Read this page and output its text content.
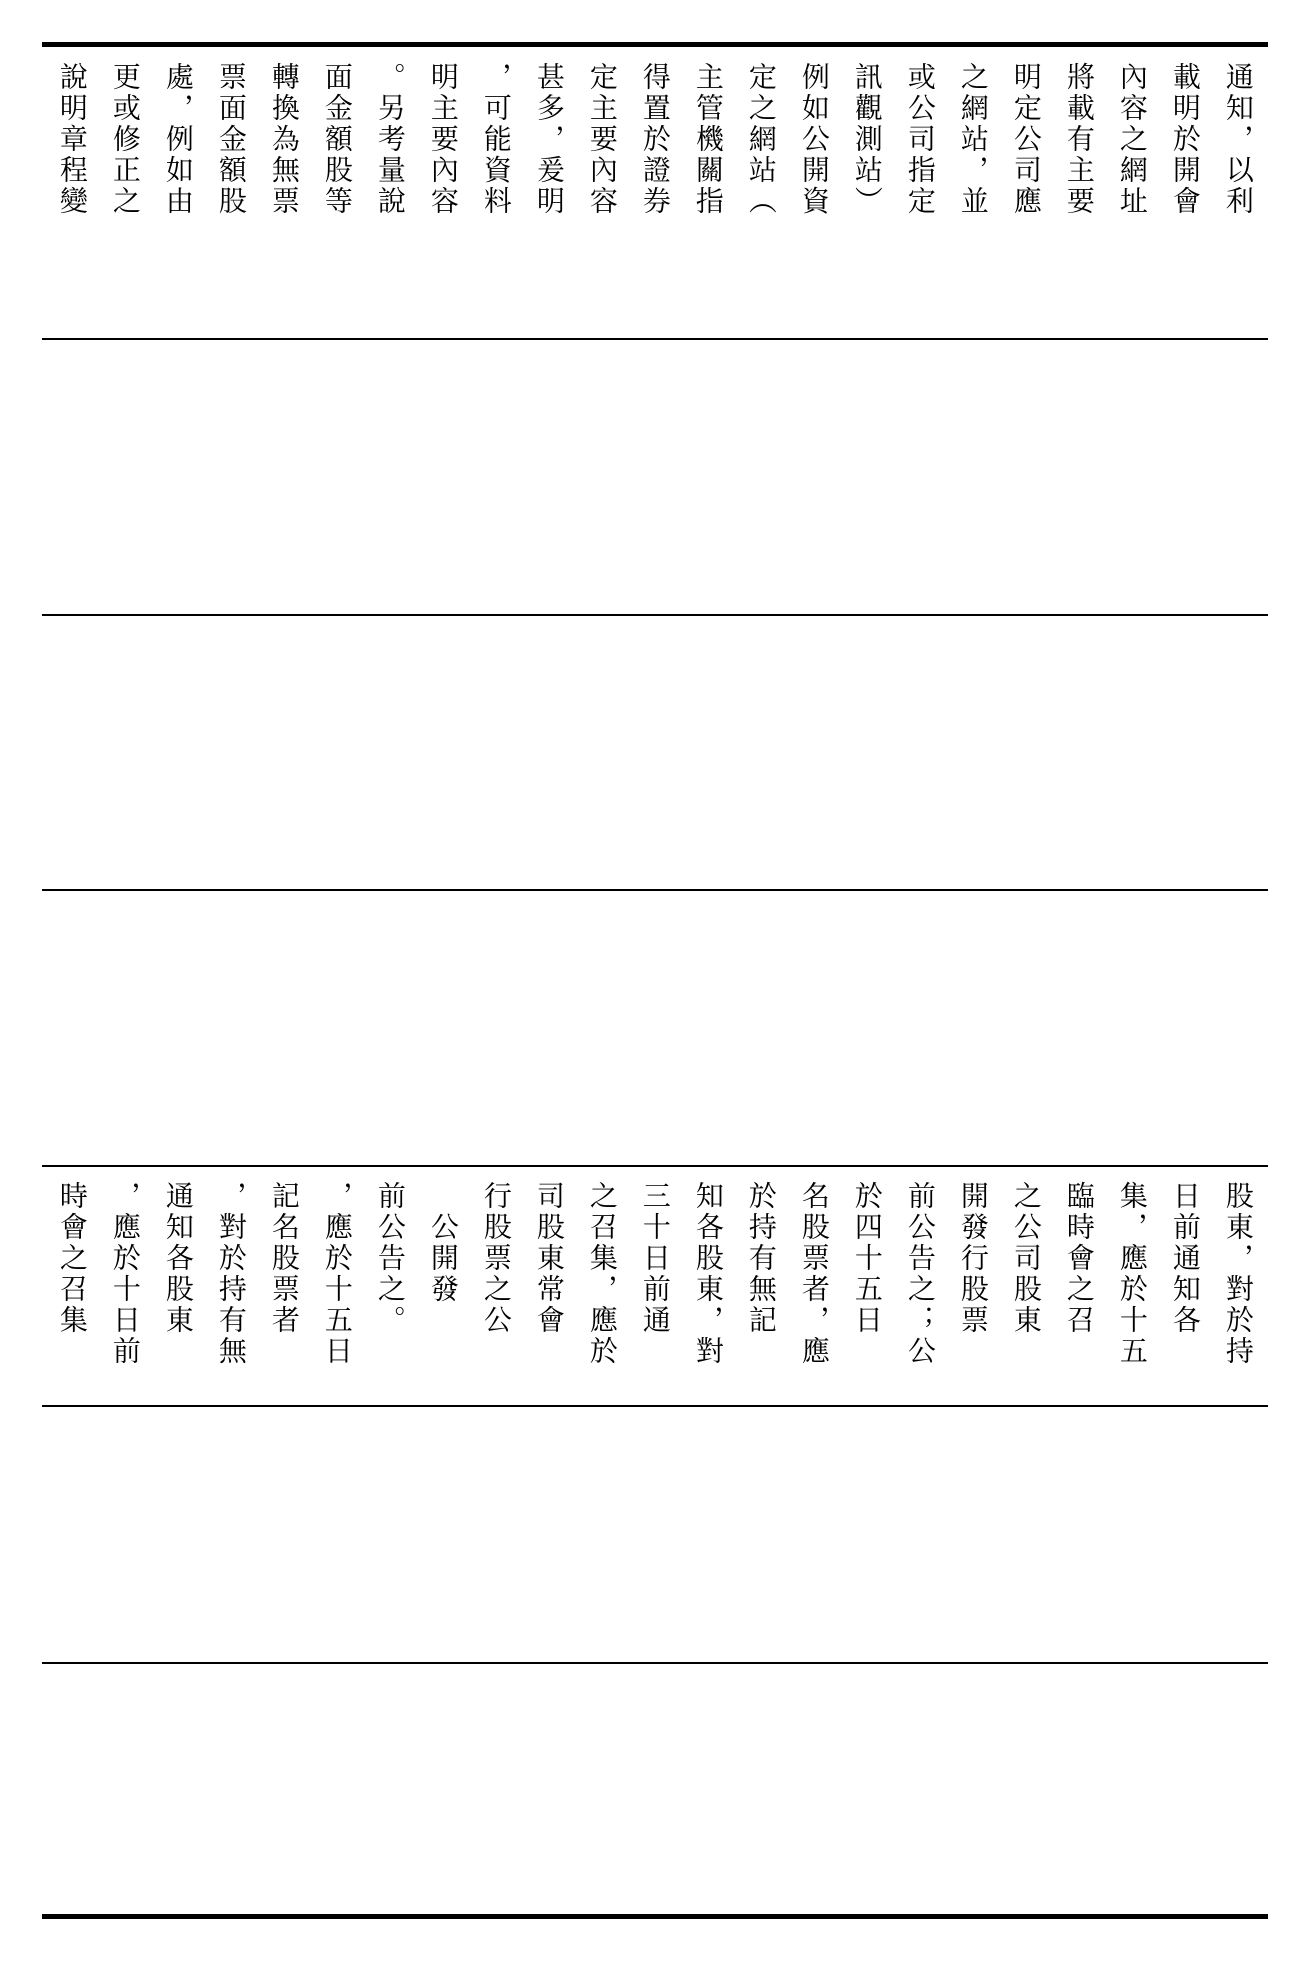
說明章程變 更或修正之 處，例如由 票面金額股 轉換為無票 面金額股等 。另考量說 明主要內容 ，可能資料 甚多，爰明 定主要內容 得置於證券 主管機關指 定之網站（ 例如公開資 訊觀測站） 或公司指定 之網站，並 明定公司應 將載有主要 內容之網址 載明於開會 通知，以利
時會之召集 ，應於十日前 通知各股東 ，對於持有無 記名股票者 ，應於十五日 前公告之。 　公開發 行股票之公 司股東常會 之召集，應於 三十日前通 知各股東，對 於持有無記 名股票者，應 於四十五日 前公告之；公 開發行股票 之公司股東 臨時會之召 集，應於十五 日前通知各 股東，對於持
